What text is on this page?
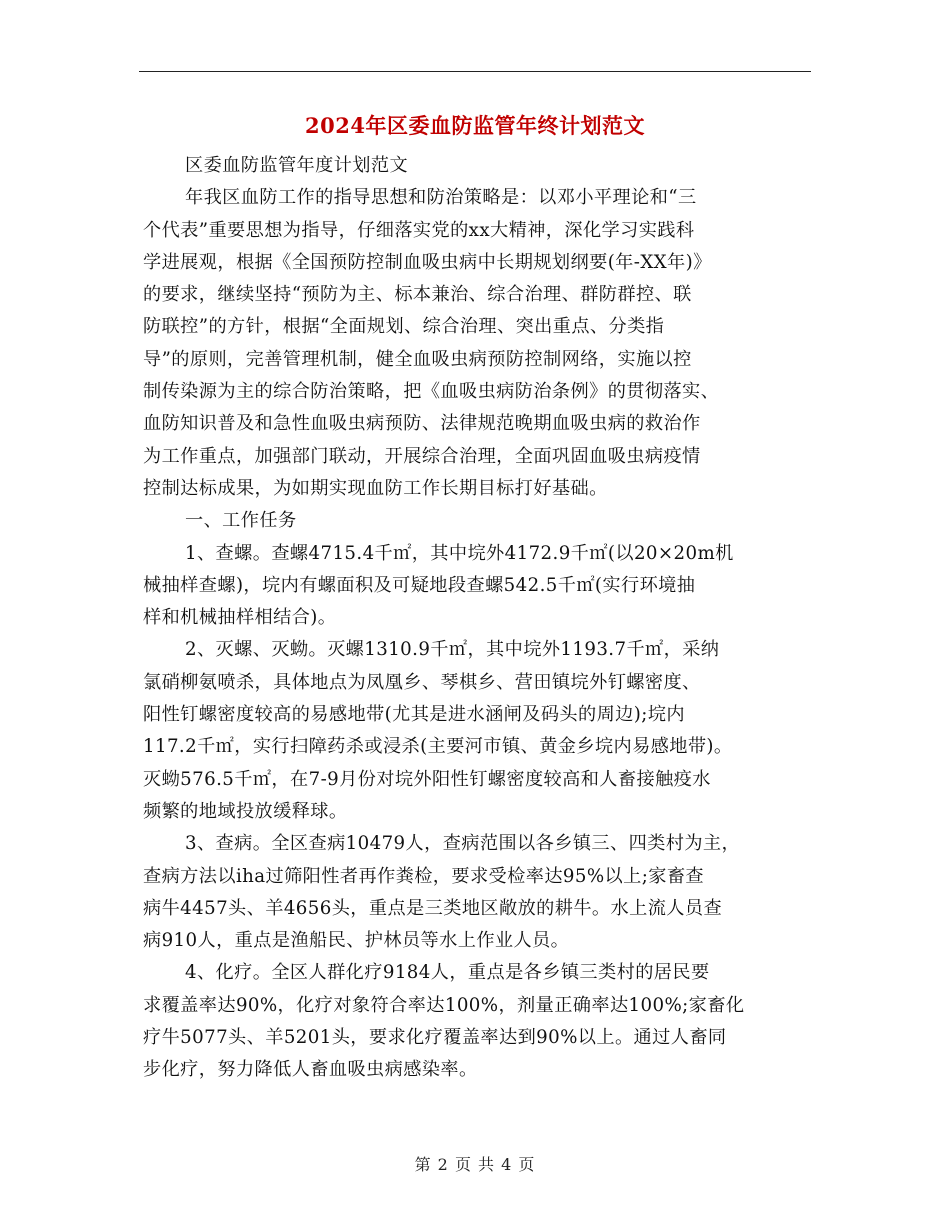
2024年区委血防监管年终计划范文
区委血防监管年度计划范文
年我区血防工作的指导思想和防治策略是：以邓小平理论和“三
个代表”重要思想为指导，仔细落实党的xx大精神，深化学习实践科
学进展观，根据《全国预防控制血吸虫病中长期规划纲要(年-XX年)》
的要求，继续坚持“预防为主、标本兼治、综合治理、群防群控、联
防联控”的方针，根据“全面规划、综合治理、突出重点、分类指
导”的原则，完善管理机制，健全血吸虫病预防控制网络，实施以控
制传染源为主的综合防治策略，把《血吸虫病防治条例》的贯彻落实、
血防知识普及和急性血吸虫病预防、法律规范晚期血吸虫病的救治作
为工作重点，加强部门联动，开展综合治理，全面巩固血吸虫病疫情
控制达标成果，为如期实现血防工作长期目标打好基础。
一、工作任务
1、查螺。查螺4715.4千㎡，其中垸外4172.9千㎡(以20×20m机
械抽样查螺)，垸内有螺面积及可疑地段查螺542.5千㎡(实行环境抽
样和机械抽样相结合)。
2、灭螺、灭蚴。灭螺1310.9千㎡，其中垸外1193.7千㎡，采纳
氯硝柳氨喷杀，具体地点为凤凰乡、琴棋乡、营田镇垸外钉螺密度、
阳性钉螺密度较高的易感地带(尤其是进水涵闸及码头的周边);垸内
117.2千㎡，实行扫障药杀或浸杀(主要河市镇、黄金乡垸内易感地带)。
灭蚴576.5千㎡，在7-9月份对垸外阳性钉螺密度较高和人畜接触疫水
频繁的地域投放缓释球。
3、查病。全区查病10479人，查病范围以各乡镇三、四类村为主，
查病方法以iha过筛阳性者再作粪检，要求受检率达95%以上;家畜查
病牛4457头、羊4656头，重点是三类地区敞放的耕牛。水上流人员查
病910人，重点是渔船民、护林员等水上作业人员。
4、化疗。全区人群化疗9184人，重点是各乡镇三类村的居民要
求覆盖率达90%，化疗对象符合率达100%，剂量正确率达100%;家畜化
疗牛5077头、羊5201头，要求化疗覆盖率达到90%以上。通过人畜同
步化疗，努力降低人畜血吸虫病感染率。
第 2 页 共 4 页
